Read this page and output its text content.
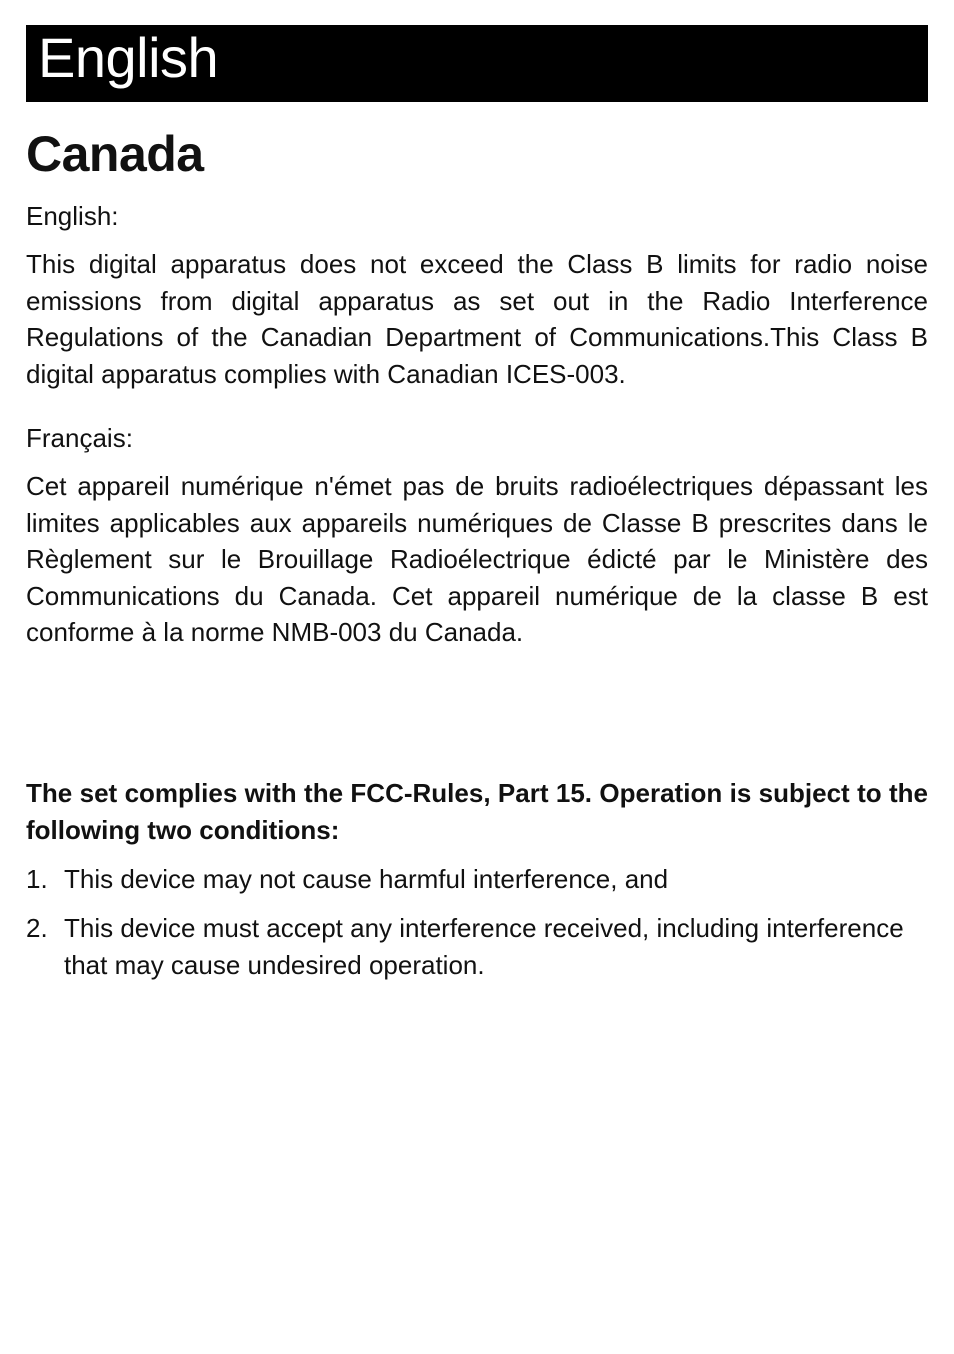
English
Canada
English:

This digital apparatus does not exceed the Class B limits for radio noise emissions from digital apparatus as set out in the Radio Interference Regulations of the Canadian Department of Communications.This Class B digital apparatus complies with Canadian ICES-003.

Français:

Cet appareil numérique n'émet pas de bruits radioélectriques dépassant les limites applicables aux appareils numériques de Classe B prescrites dans le Règlement sur le Brouillage Radioélectrique édicté par le Ministère des Communications du Canada. Cet appareil numérique de la classe B est conforme à la norme NMB-003 du Canada.

The set complies with the FCC-Rules, Part 15. Operation is subject to the following two conditions:

1. This device may not cause harmful interference, and
2. This device must accept any interference received, including interference that may cause undesired operation.
